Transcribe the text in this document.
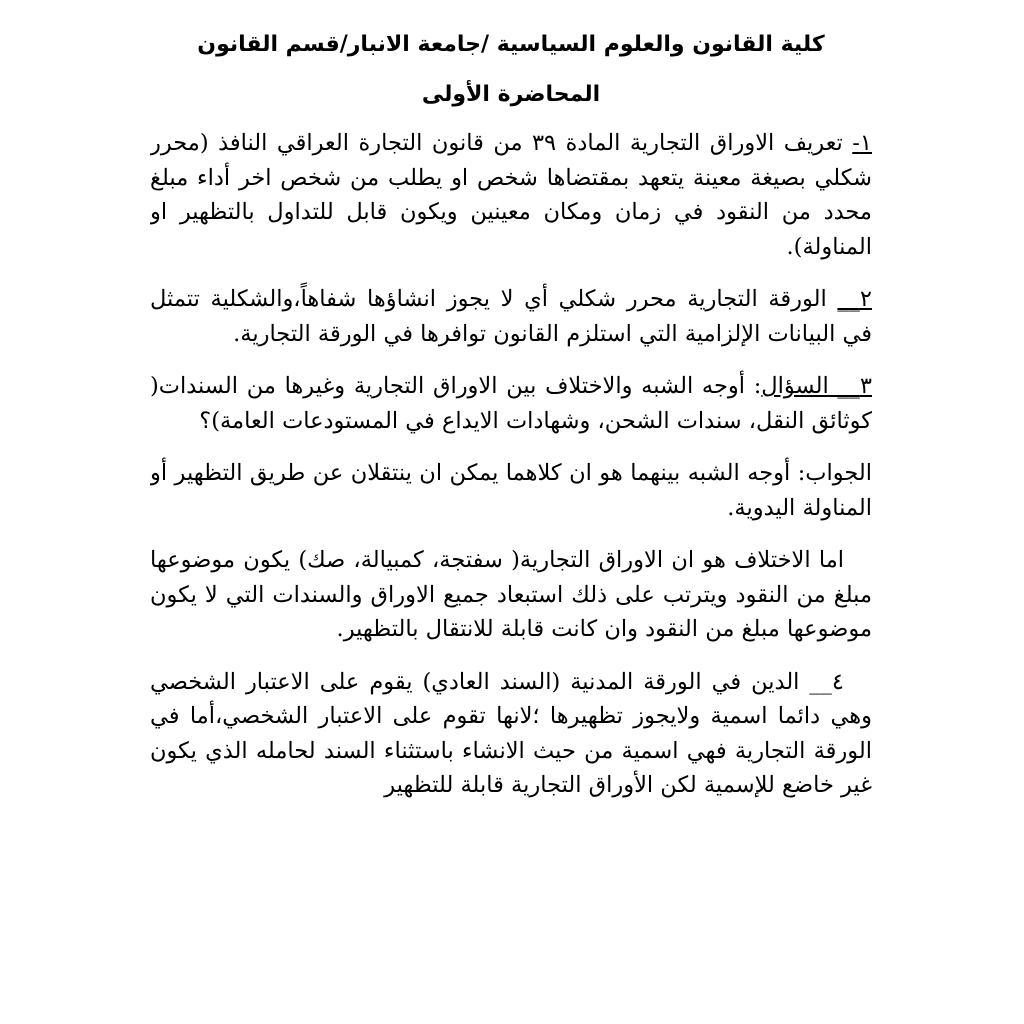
كلية القانون والعلوم السياسية /جامعة الانبار/قسم القانون
المحاضرة الأولى

١- تعريف الاوراق التجارية المادة ٣٩ من قانون التجارة العراقي النافذ (محرر شكلي بصيغة معينة يتعهد بمقتضاها شخص او يطلب من شخص اخر أداء مبلغ محدد من النقود في زمان ومكان معينين ويكون قابل للتداول بالتظهير او المناولة).

٢__ الورقة التجارية محرر شكلي أي لا يجوز انشاؤها شفاهاً،والشكلية تتمثل في البيانات الإلزامية التي استلزم القانون توافرها في الورقة التجارية.

٣__ السؤال: أوجه الشبه والاختلاف بين الاوراق التجارية وغيرها من السندات( كوثائق النقل، سندات الشحن، وشهادات الايداع في المستودعات العامة)؟

الجواب: أوجه الشبه بينهما هو ان كلاهما يمكن ان ينتقلان عن طريق التظهير أو المناولة اليدوية.

اما الاختلاف هو ان الاوراق التجارية( سفتجة، كمبيالة، صك) يكون موضوعها مبلغ من النقود ويترتب على ذلك استبعاد جميع الاوراق والسندات التي لا يكون موضوعها مبلغ من النقود وان كانت قابلة للانتقال بالتظهير.

٤__ الدين في الورقة المدنية (السند العادي) يقوم على الاعتبار الشخصي وهي دائما اسمية ولايجوز تظهيرها ؛لانها تقوم على الاعتبار الشخصي،أما في الورقة التجارية فهي اسمية من حيث الانشاء باستثناء السند لحامله الذي يكون غير خاضع للإسمية لكن الأوراق التجارية قابلة للتظهير
